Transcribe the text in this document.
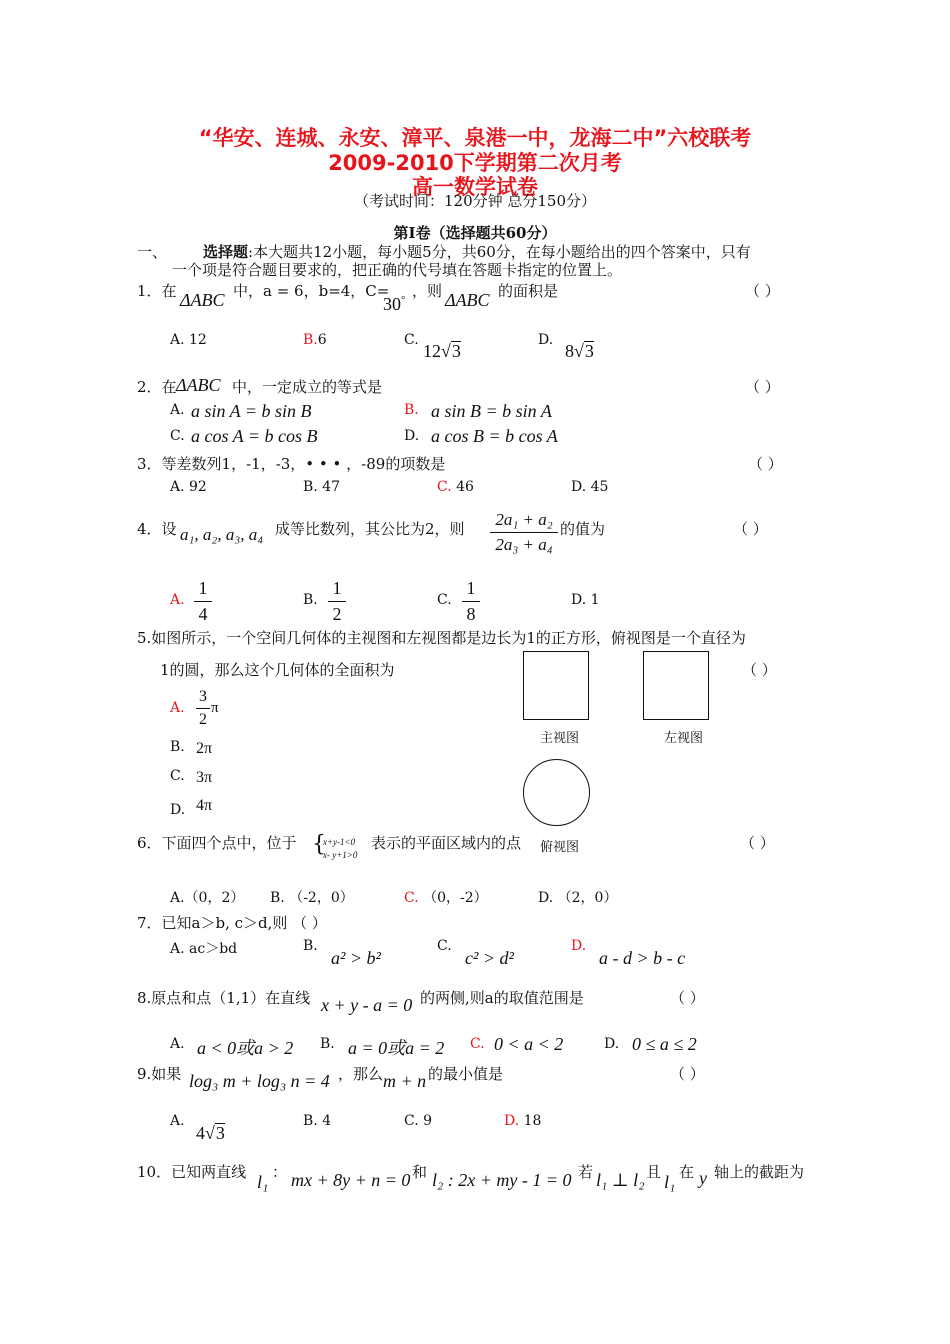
“华安、连城、永安、漳平、泉港一中，龙海二中”六校联考
2009-2010下学期第二次月考
高一数学试卷
（考试时间：120分钟 总分150分）
第Ⅰ卷（选择题共60分）
一、 选择题:本大题共12小题，每小题5分，共60分，在每小题给出的四个答案中，只有
一个项是符合题目要求的，把正确的代号填在答题卡指定的位置上。
1．在 ΔABC 中，a = 6，b=4，C=
30° ，则 ΔABC 的面积是	（ ）
A. 12	B.6	C.
12√3
D.
8√3
2．在 ΔABC 中，一定成立的等式是	（ ）
A. a sin A = b sin B	B. a sin B = b sin A
C. a cos A = b cos B	D. a cos B = b cos A
3．等差数列1，-1，-3，• • • ，-89的项数是	（ ）
A. 92	B. 47	C. 46	D. 45
4．设 a₁, a₂, a₃, a₄ 成等比数列，其公比为2，则	2a₁ + a₂
2a₃ + a₄
的值为	（ ）
A.
1
4
B.
1
2
C.
1
8
D. 1
5.如图所示，一个空间几何体的主视图和左视图都是边长为1的正方形，俯视图是一个直径为
1的圆，那么这个几何体的全面积为	（ ）
主视图	左视图
俯视图
A.
3
2
π
B. 2π
C. 3π
D. 4π
6．下面四个点中，位于 {
x+y-1<0
x- y+1>0
表示的平面区域内的点	（ ）
A.（0，2） B. （-2，0）	C. （0，-2）	D. （2，0）
7．已知a＞b, c＞d,则 （ ）
A. ac＞bd	B.
a² > b²
C.
c² > d²
D.
a - d > b - c
8.原点和点（1,1）在直线 x + y - a = 0 的两侧,则a的取值范围是	（ ）
A. a < 0或a > 2 B. a = 0或a = 2 C. 0 < a < 2	D. 0 ≤ a ≤ 2
9.如果 log₃ m + log₃ n = 4 ，那么 m + n 的最小值是	（ ）
A.
4√3
B. 4	C. 9	D. 18
10．已知两直线 l₁ ： mx + 8y + n = 0 和 l₂ : 2x + my - 1 = 0 若 l₁ ⊥ l₂ 且 l₁ 在 y 轴上的截距为
